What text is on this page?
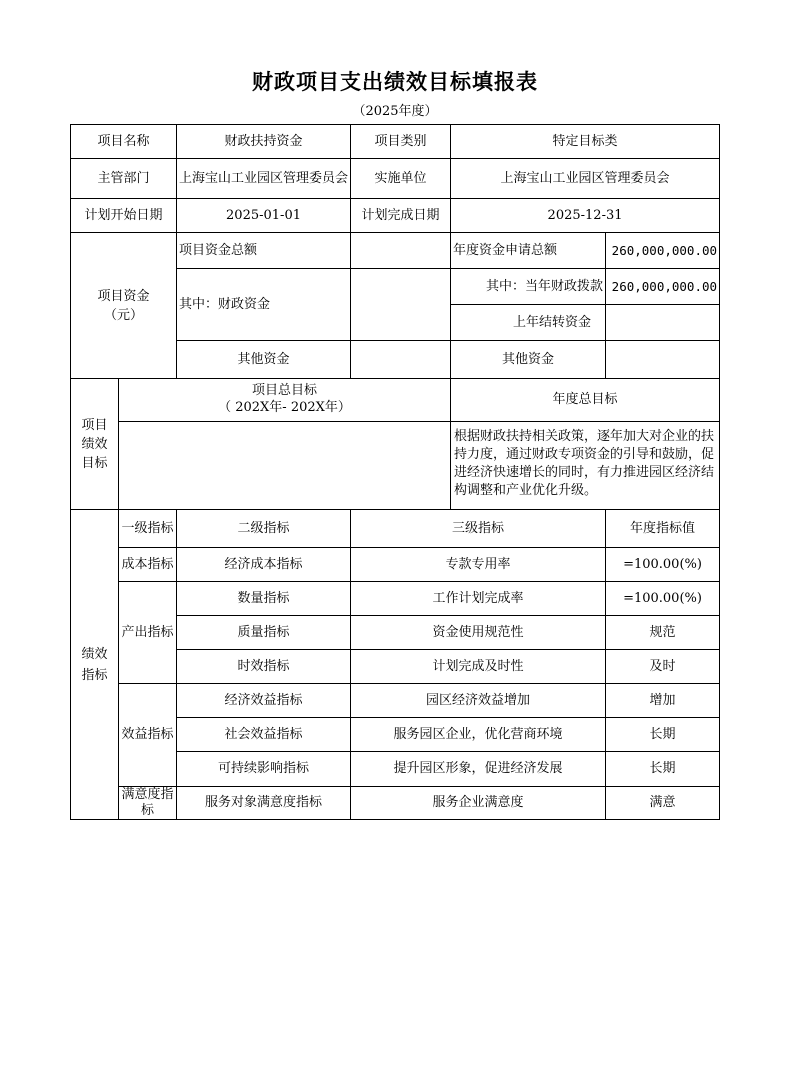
财政项目支出绩效目标填报表
（2025年度）
项目名称		财政扶持资金	项目类别	特定目标类	
主管部门		上海宝山工业园区管理委员会	实施单位	上海宝山工业园区管理委员会	
计划开始日期		2025-01-01	计划完成日期	2025-12-31	
项目资金
（元）		项目资金总额		年度资金申请总额	260,000,000.00
		其中：财政资金		其中：当年财政拨款	260,000,000.00
				上年结转资金	
		其他资金		其他资金	
项目
绩效
目标	项目总目标
（ 202X年- 202X年）			年度总目标	
				根据财政扶持相关政策，逐年加大对企业的扶持力度，通过财政专项资金的引导和鼓励，促进经济快速增长的同时，有力推进园区经济结构调整和产业优化升级。	
绩效
指标	一级指标	二级指标	三级指标		年度指标值
	成本指标	经济成本指标	专款专用率		=100.00(%)
	产出指标	数量指标	工作计划完成率		=100.00(%)
		质量指标	资金使用规范性		规范
		时效指标	计划完成及时性		及时
	效益指标	经济效益指标	园区经济效益增加		增加
		社会效益指标	服务园区企业，优化营商环境		长期
		可持续影响指标	提升园区形象，促进经济发展		长期
	满意度指标	服务对象满意度指标	服务企业满意度		满意
